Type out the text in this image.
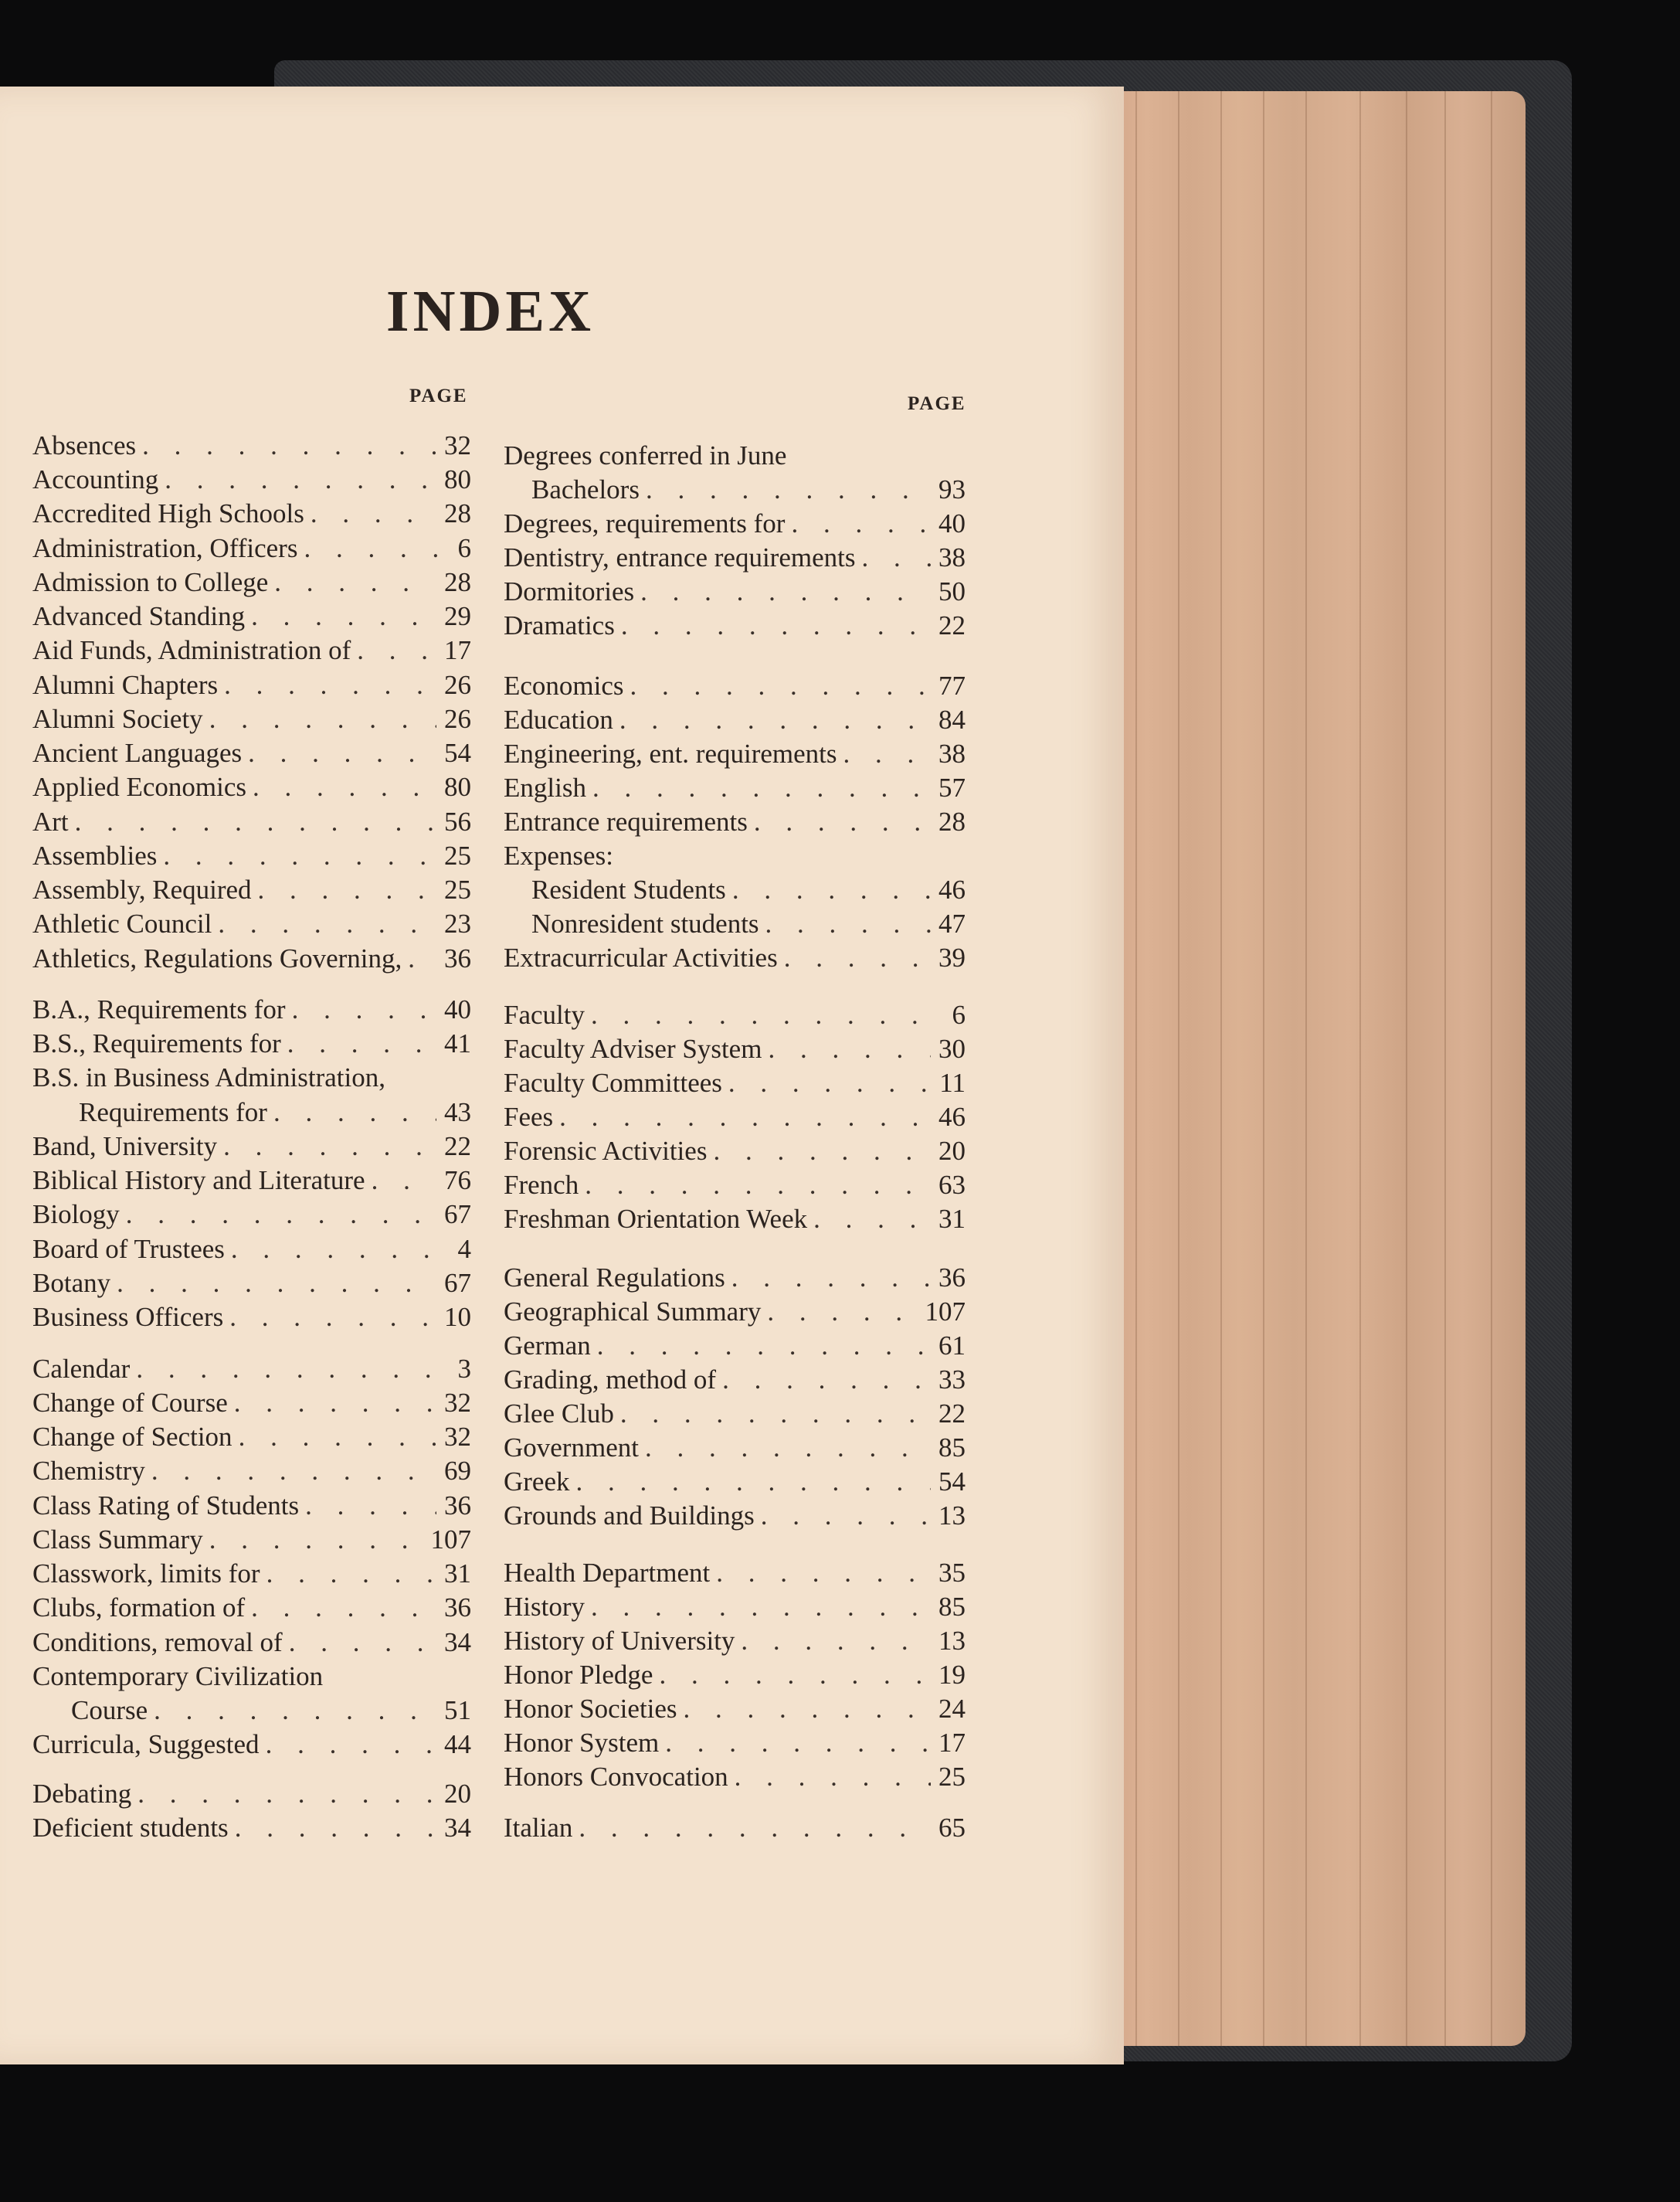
INDEX
PAGE	PAGE
Absences . . .	32
Accounting . . .	80
Accredited High Schools . . .	28
Administration, Officers . . .	6
Admission to College . . .	28
Advanced Standing . . .	29
Aid Funds, Administration of . . .	17
Alumni Chapters . . .	26
Alumni Society . . .	26
Ancient Languages . . .	54
Applied Economics . . .	80
Art . . .	56
Assemblies . . .	25
Assembly, Required . . .	25
Athletic Council . . .	23
Athletics, Regulations Governing, . . . 36
B.A., Requirements for . . .	40
B.S., Requirements for . . .	41
B.S. in Business Administration,
Requirements for . . .	43
Band, University . . .	22
Biblical History and Literature . . .	76
Biology . . .	67
Board of Trustees . . .	4
Botany . . .	67
Business Officers . . .	10
Calendar . . .	3
Change of Course . . .	32
Change of Section . . .	32
Chemistry . . .	69
Class Rating of Students . . .	36
Class Summary . . .	107
Classwork, limits for . . .	31
Clubs, formation of . . .	36
Conditions, removal of . . .	34
Contemporary Civilization
Course . . .	51
Curricula, Suggested . . .	44
Debating . . .	20
Deficient students . . .	34
Degrees conferred in June
Bachelors . . .	93
Degrees, requirements for . . .	40
Dentistry, entrance requirements . . .	38
Dormitories . . .	50
Dramatics . . .	22
Economics . . .	77
Education . . .	84
Engineering, ent. requirements . . .	38
English . . .	57
Entrance requirements . . .	28
Expenses:
Resident Students . . .	46
Nonresident students . . .	47
Extracurricular Activities . . .	39
Faculty . . .	6
Faculty Adviser System . . .	30
Faculty Committees . . .	11
Fees . . .	46
Forensic Activities . . .	20
French . . .	63
Freshman Orientation Week . . .	31
General Regulations . . .	36
Geographical Summary . . .	107
German . . .	61
Grading, method of . . .	33
Glee Club . . .	22
Government . . .	85
Greek . . .	54
Grounds and Buildings . . .	13
Health Department . . .	35
History . . .	85
History of University . . .	13
Honor Pledge . . .	19
Honor Societies . . .	24
Honor System . . .	17
Honors Convocation . . .	25
Italian . . .	65
